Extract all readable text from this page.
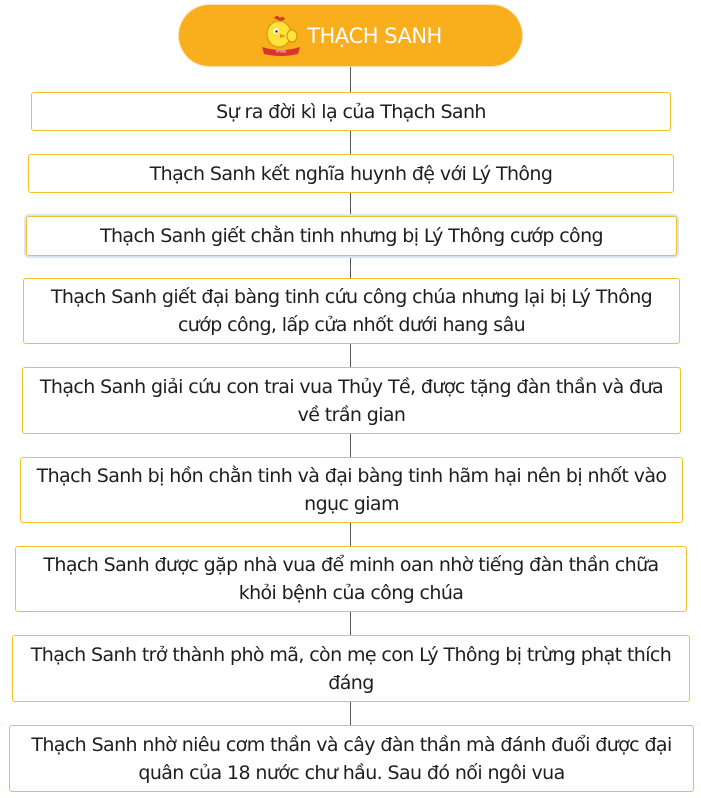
vnda
THẠCH SANH
Sự ra đời kì lạ của Thạch Sanh
Thạch Sanh kết nghĩa huynh đệ với Lý Thông
Thạch Sanh giết chằn tinh nhưng bị Lý Thông cướp công
Thạch Sanh giết đại bàng tinh cứu công chúa nhưng lại bị Lý Thông cướp công, lấp cửa nhốt dưới hang sâu
Thạch Sanh giải cứu con trai vua Thủy Tề, được tặng đàn thần và đưa về trần gian
Thạch Sanh bị hồn chằn tinh và đại bàng tinh hãm hại nên bị nhốt vào ngục giam
Thạch Sanh được gặp nhà vua để minh oan nhờ tiếng đàn thần chữa khỏi bệnh của công chúa
Thạch Sanh trở thành phò mã, còn mẹ con Lý Thông bị trừng phạt thích đáng
Thạch Sanh nhờ niêu cơm thần và cây đàn thần mà đánh đuổi được đại quân của 18 nước chư hầu. Sau đó nối ngôi vua
